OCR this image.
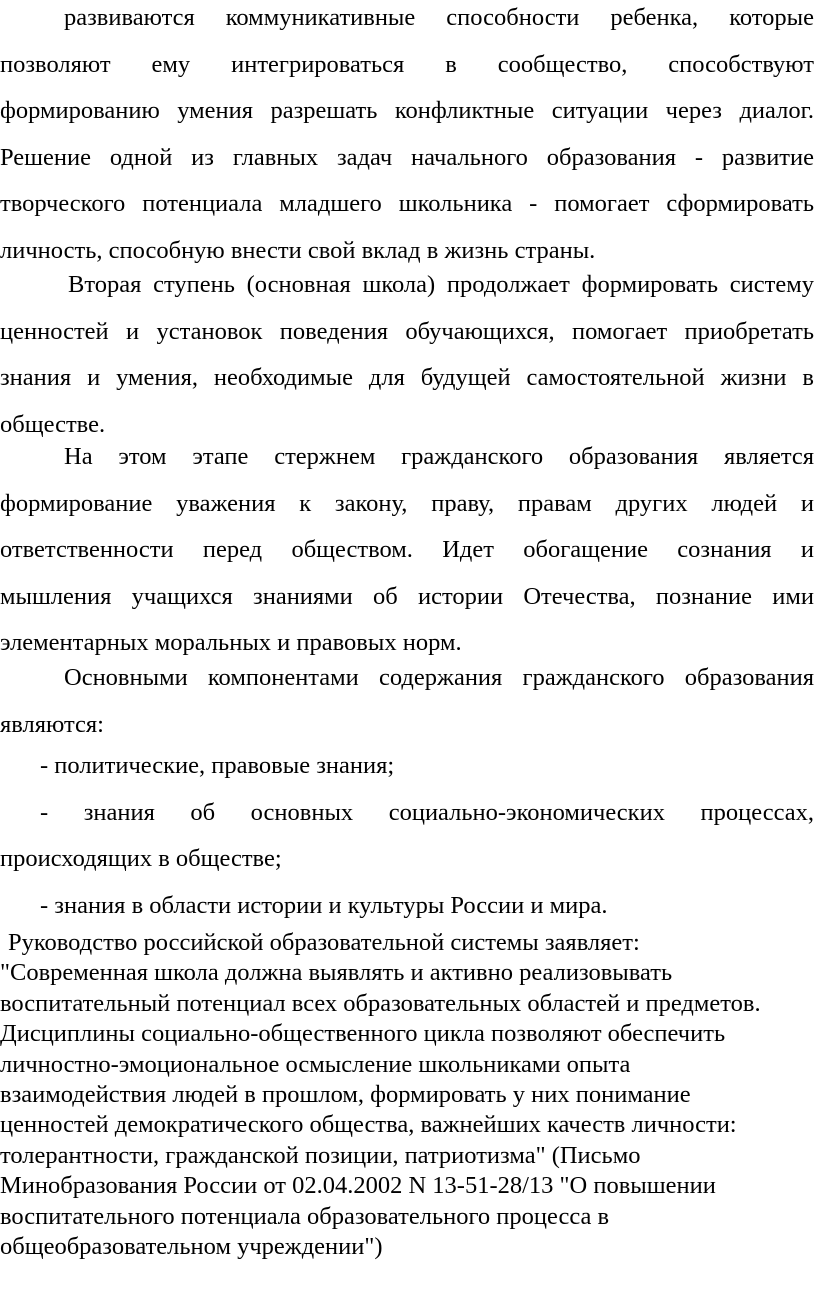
развиваются коммуникативные способности ребенка, которые
позволяют ему интегрироваться в сообщество, способствуют
формированию умения разрешать конфликтные ситуации через диалог.
Решение одной из главных задач начального образования - развитие
творческого потенциала младшего школьника - помогает сформировать
личность, способную внести свой вклад в жизнь страны.
Вторая ступень (основная школа) продолжает формировать систему
ценностей и установок поведения обучающихся, помогает приобретать
знания и умения, необходимые для будущей самостоятельной жизни в
обществе.
На этом этапе стержнем гражданского образования является
формирование уважения к закону, праву, правам других людей и
ответственности перед обществом. Идет обогащение сознания и
мышления учащихся знаниями об истории Отечества, познание ими
элементарных моральных и правовых норм.
Основными компонентами содержания гражданского образования
являются:
- политические, правовые знания;
- знания об основных социально-экономических процессах,
происходящих в обществе;
- знания в области истории и культуры России и мира.
Руководство российской образовательной системы заявляет:
"Современная школа должна выявлять и активно реализовывать
воспитательный потенциал всех образовательных областей и предметов.
Дисциплины социально-общественного цикла позволяют обеспечить
личностно-эмоциональное осмысление школьниками опыта
взаимодействия людей в прошлом, формировать у них понимание
ценностей демократического общества, важнейших качеств личности:
толерантности, гражданской позиции, патриотизма" (Письмо
Минобразования России от 02.04.2002 N 13-51-28/13 "О повышении
воспитательного потенциала образовательного процесса в
общеобразовательном учреждении")
